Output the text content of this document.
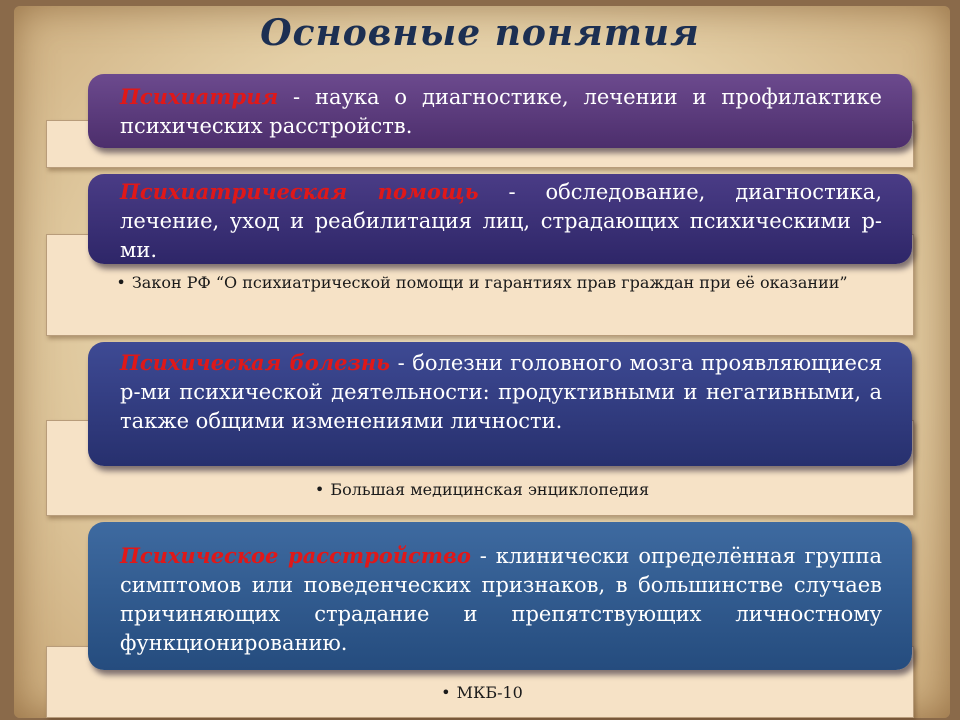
Основные понятия
Психиатрия - наука о диагностике, лечении и профилактике психических расстройств.
Психиатрическая помощь - обследование, диагностика, лечение, уход и реабилитация лиц, страдающих психическими р-ми.
• Закон РФ “О психиатрической помощи и гарантиях прав граждан при её оказании”
Психическая болезнь - болезни головного мозга проявляющиеся р-ми психической деятельности: продуктивными и негативными, а также общими изменениями личности.
• Большая медицинская энциклопедия
Психическое расстройство - клинически определённая группа симптомов или поведенческих признаков, в большинстве случаев причиняющих страдание и препятствующих личностному функционированию.
• МКБ-10
